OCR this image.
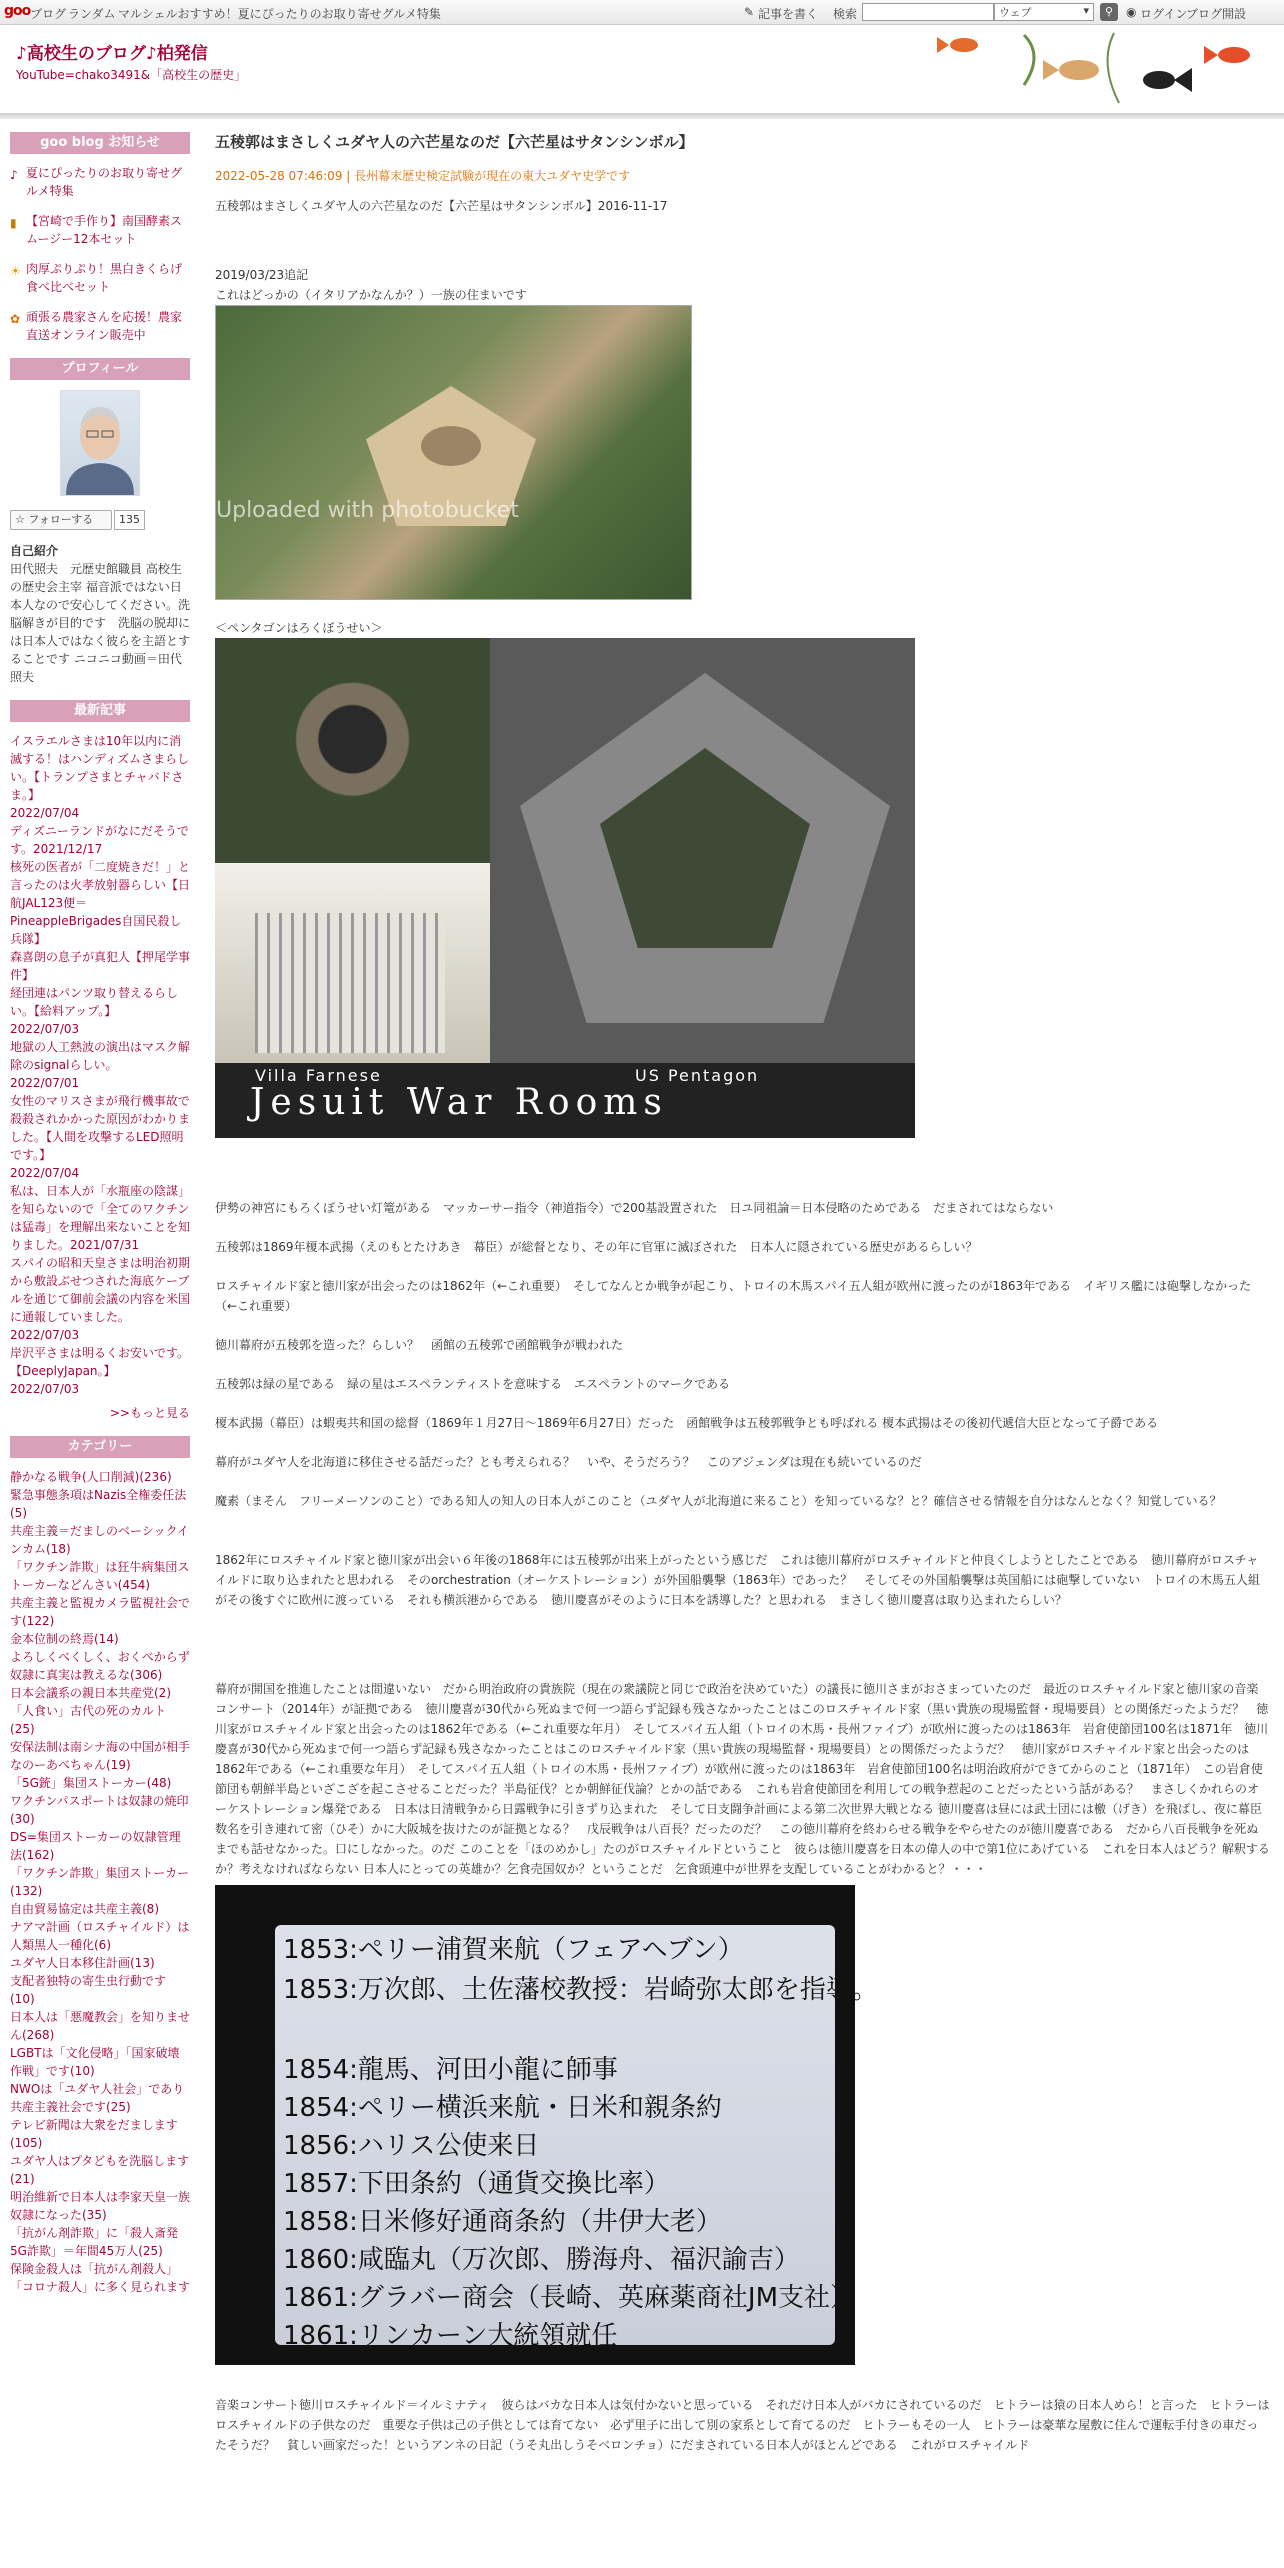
goo ブログ ランダム マルシェルおすすめ！夏にぴったりのお取り寄せグルメ特集	✎ 記事を書く 検索	ウェブ	▾	⚲	◉ ログイン
ブログ開設
♪高校生のブログ♪柏発信
YouTube=chako3491&「高校生の歴史」
goo blog お知らせ
♪ 夏にぴったりのお取り寄せグルメ特集
▮ 【宮崎で手作り】南国酵素スムージー12本セット
☀ 肉厚ぷりぷり！黒白きくらげ食べ比べセット
✿ 頑張る農家さんを応援！農家直送オンライン販売中
プロフィール
☆ フォローする 135
自己紹介
田代照夫　元歴史館職員 高校生の歴史会主宰 福音派ではない日本人なので安心してください。洗脳解きが目的です　洗脳の脱却には日本人ではなく彼らを主語とすることです ニコニコ動画＝田代照夫
最新記事
イスラエルさまは10年以内に消滅する！はハンディズムさまらしい。【トランプさまとチャバドさま。】
2022/07/04
ディズニーランドがなにだそうです。2021/12/17
核死の医者が「二度焼きだ！」と言ったのは火孝放射器らしい【日航JAL123便＝PineappleBrigades自国民殺し兵隊】
森喜朗の息子が真犯人【押尾学事件】
経団連はパンツ取り替えるらしい。【給料アップ。】
2022/07/03
地獄の人工熱波の演出はマスク解除のsignalらしい。
2022/07/01
女性のマリスさまが飛行機事故で殺殺されかかった原因がわかりました。【人間を攻撃するLED照明です。】
2022/07/04
私は、日本人が「水瓶座の陰謀」を知らないので「全てのワクチンは猛毒」を理解出来ないことを知りました。2021/07/31
スパイの昭和天皇さまは明治初期から敷設ぶせつされた海底ケーブルを通じて御前会議の内容を米国に通報していました。
2022/07/03
岸沢平さまは明るくお安いです。【DeeplyJapan。】
2022/07/03
>>もっと見る
カテゴリー
静かなる戦争(人口削減)(236)
緊急事態条項はNazis全権委任法(5)
共産主義＝だましのベーシックインカム(18)
「ワクチン詐欺」は狂牛病集団ストーカーなどんさい(454)
共産主義と監視カメラ監視社会です(122)
金本位制の終焉(14)
よろしくべくしく、おくべからず奴隷に真実は教えるな(306)
日本会議系の親日本共産党(2)
「人食い」古代の死のカルト(25)
安保法制は南シナ海の中国が相手なのーあべちゃん(19)
「5G銃」集団ストーカー(48)
ワクチンパスポートは奴隷の焼印(30)
DS=集団ストーカーの奴隷管理法(162)
「ワクチン詐欺」集団ストーカー(132)
自由貿易協定は共産主義(8)
ナアマ計画（ロスチャイルド）は人類黒人一種化(6)
ユダヤ人日本移住計画(13)
支配者独特の寄生虫行動です(10)
日本人は「悪魔教会」を知りません(268)
LGBTは「文化侵略」「国家破壊作戦」です(10)
NWOは「ユダヤ人社会」であり共産主義社会です(25)
テレビ新聞は大衆をだまします(105)
ユダヤ人はプタどもを洗脳します(21)
明治維新で日本人は李家天皇一族奴隷になった(35)
「抗がん剤詐欺」に「殺人斎発5G詐欺」＝年間45万人(25)
保険金殺人は「抗がん剤殺人」「コロナ殺人」に多く見られます
五稜郭はまさしくユダヤ人の六芒星なのだ【六芒星はサタンシンボル】
2022-05-28 07:46:09 | 長州幕末歴史検定試験が現在の東大ユダヤ史学です

五稜郭はまさしくユダヤ人の六芒星なのだ【六芒星はサタンシンボル】2016-11-17

2019/03/23追記
これはどっかの（イタリアかなんか？）一族の住まいです
Uploaded with photobucket
＜ペンタゴンはろくぼうせい＞
Villa Farnese	US Pentagon
Jesuit War Rooms

伊勢の神宮にもろくぼうせい灯篭がある　マッカーサー指令（神道指令）で200基設置された　日ユ同祖論＝日本侵略のためである　だまされてはならない

五稜郭は1869年榎本武揚（えのもとたけあき　幕臣）が総督となり、その年に官軍に滅ぼされた　日本人に隠されている歴史があるらしい？

ロスチャイルド家と徳川家が出会ったのは1862年（←これ重要）　そしてなんとか戦争が起こり、トロイの木馬スパイ五人組が欧州に渡ったのが1863年である　イギリス艦には砲撃しなかった（←これ重要）

徳川幕府が五稜郭を造った？らしい？　函館の五稜郭で函館戦争が戦われた

五稜郭は緑の星である　緑の星はエスペランティストを意味する　エスペラントのマークである

榎本武揚（幕臣）は蝦夷共和国の総督（1869年１月27日〜1869年6月27日）だった　函館戦争は五稜郭戦争とも呼ばれる 榎本武揚はその後初代遞信大臣となって子爵である

幕府がユダヤ人を北海道に移住させる話だった？とも考えられる？　いや、そうだろう？　このアジェンダは現在も続いているのだ

魔素（まそん　フリーメーソンのこと）である知人の知人の日本人がこのこと（ユダヤ人が北海道に来ること）を知っているな？と？確信させる情報を自分はなんとなく？知覚している？

1862年にロスチャイルド家と徳川家が出会い６年後の1868年には五稜郭が出来上がったという感じだ　これは徳川幕府がロスチャイルドと仲良くしようとしたことである　徳川幕府がロスチャイルドに取り込まれたと思われる　そのorchestration（オーケストレーション）が外国船襲撃（1863年）であった？　そしてその外国船襲撃は英国船には砲撃していない　トロイの木馬五人組がその後すぐに欧州に渡っている　それも横浜港からである　徳川慶喜がそのように日本を誘導した？と思われる　まさしく徳川慶喜は取り込まれたらしい？

幕府が開国を推進したことは間違いない　だから明治政府の貴族院（現在の衆議院と同じで政治を決めていた）の議長に徳川さまがおさまっていたのだ　最近のロスチャイルド家と徳川家の音楽コンサート（2014年）が証拠である　徳川慶喜が30代から死ぬまで何一つ語らず記録も残さなかったことはこのロスチャイルド家（黒い貴族の現場監督・現場要員）との関係だったようだ？　徳川家がロスチャイルド家と出会ったのは1862年である（←これ重要な年月）　そしてスパイ五人組（トロイの木馬・長州ファイブ）が欧州に渡ったのは1863年　岩倉使節団100名は1871年　徳川慶喜が30代から死ぬまで何一つ語らず記録も残さなかったことはこのロスチャイルド家（黒い貴族の現場監督・現場要員）との関係だったようだ？　徳川家がロスチャイルド家と出会ったのは1862年である（←これ重要な年月）　そしてスパイ五人組（トロイの木馬・長州ファイブ）が欧州に渡ったのは1863年　岩倉使節団100名は明治政府ができてからのこと（1871年）　この岩倉使節団も朝鮮半島といざこざを起こさせることだった？半島征伐？とか朝鮮征伐論？とかの話である　これも岩倉使節団を利用しての戦争惹起のことだったという話がある？　まさしくかれらのオーケストレーション爆発である　日本は日清戦争から日露戦争に引きずり込まれた　そして日支闘争計画による第二次世界大戦となる 徳川慶喜は昼には武士団には檄（げき）を飛ばし、夜に幕臣数名を引き連れて密（ひそ）かに大阪城を抜けたのが証拠となる？　戊辰戦争は八百長？だったのだ？　この徳川幕府を終わらせる戦争をやらせたのが徳川慶喜である　だから八百長戦争を死ぬまでも話せなかった。口にしなかった。のだ このことを「ほのめかし」たのがロスチャイルドということ　彼らは徳川慶喜を日本の偉人の中で第1位にあげている　これを日本人はどう？解釈するか？考えなければならない 日本人にとっての英雄か？乞食売国奴か？ということだ　乞食頭連中が世界を支配していることがわかると？・・・
1853:ペリー浦賀来航（フェアヘブン）
1853:万次郎、土佐藩校教授：岩崎弥太郎を指導。
1854:龍馬、河田小龍に師事
1854:ペリー横浜来航・日米和親条約
1856:ハリス公使来日
1857:下田条約（通貨交換比率）
1858:日米修好通商条約（井伊大老）
1860:咸臨丸（万次郎、勝海舟、福沢諭吉）
1861:グラバー商会（長崎、英麻薬商社JM支社）
1861:リンカーン大統領就任
音楽コンサート徳川ロスチャイルド＝イルミナティ　彼らはバカな日本人は気付かないと思っている　それだけ日本人がバカにされているのだ　ヒトラーは猿の日本人めら！と言った　ヒトラーはロスチャイルドの子供なのだ　重要な子供は己の子供としては育てない　必ず里子に出して別の家系として育てるのだ　ヒトラーもその一人　ヒトラーは豪華な屋敷に住んで運転手付きの車だったそうだ？　貧しい画家だった！というアンネの日記（うそ丸出しうそベロンチョ）にだまされている日本人がほとんどである　これがロスチャイルド
